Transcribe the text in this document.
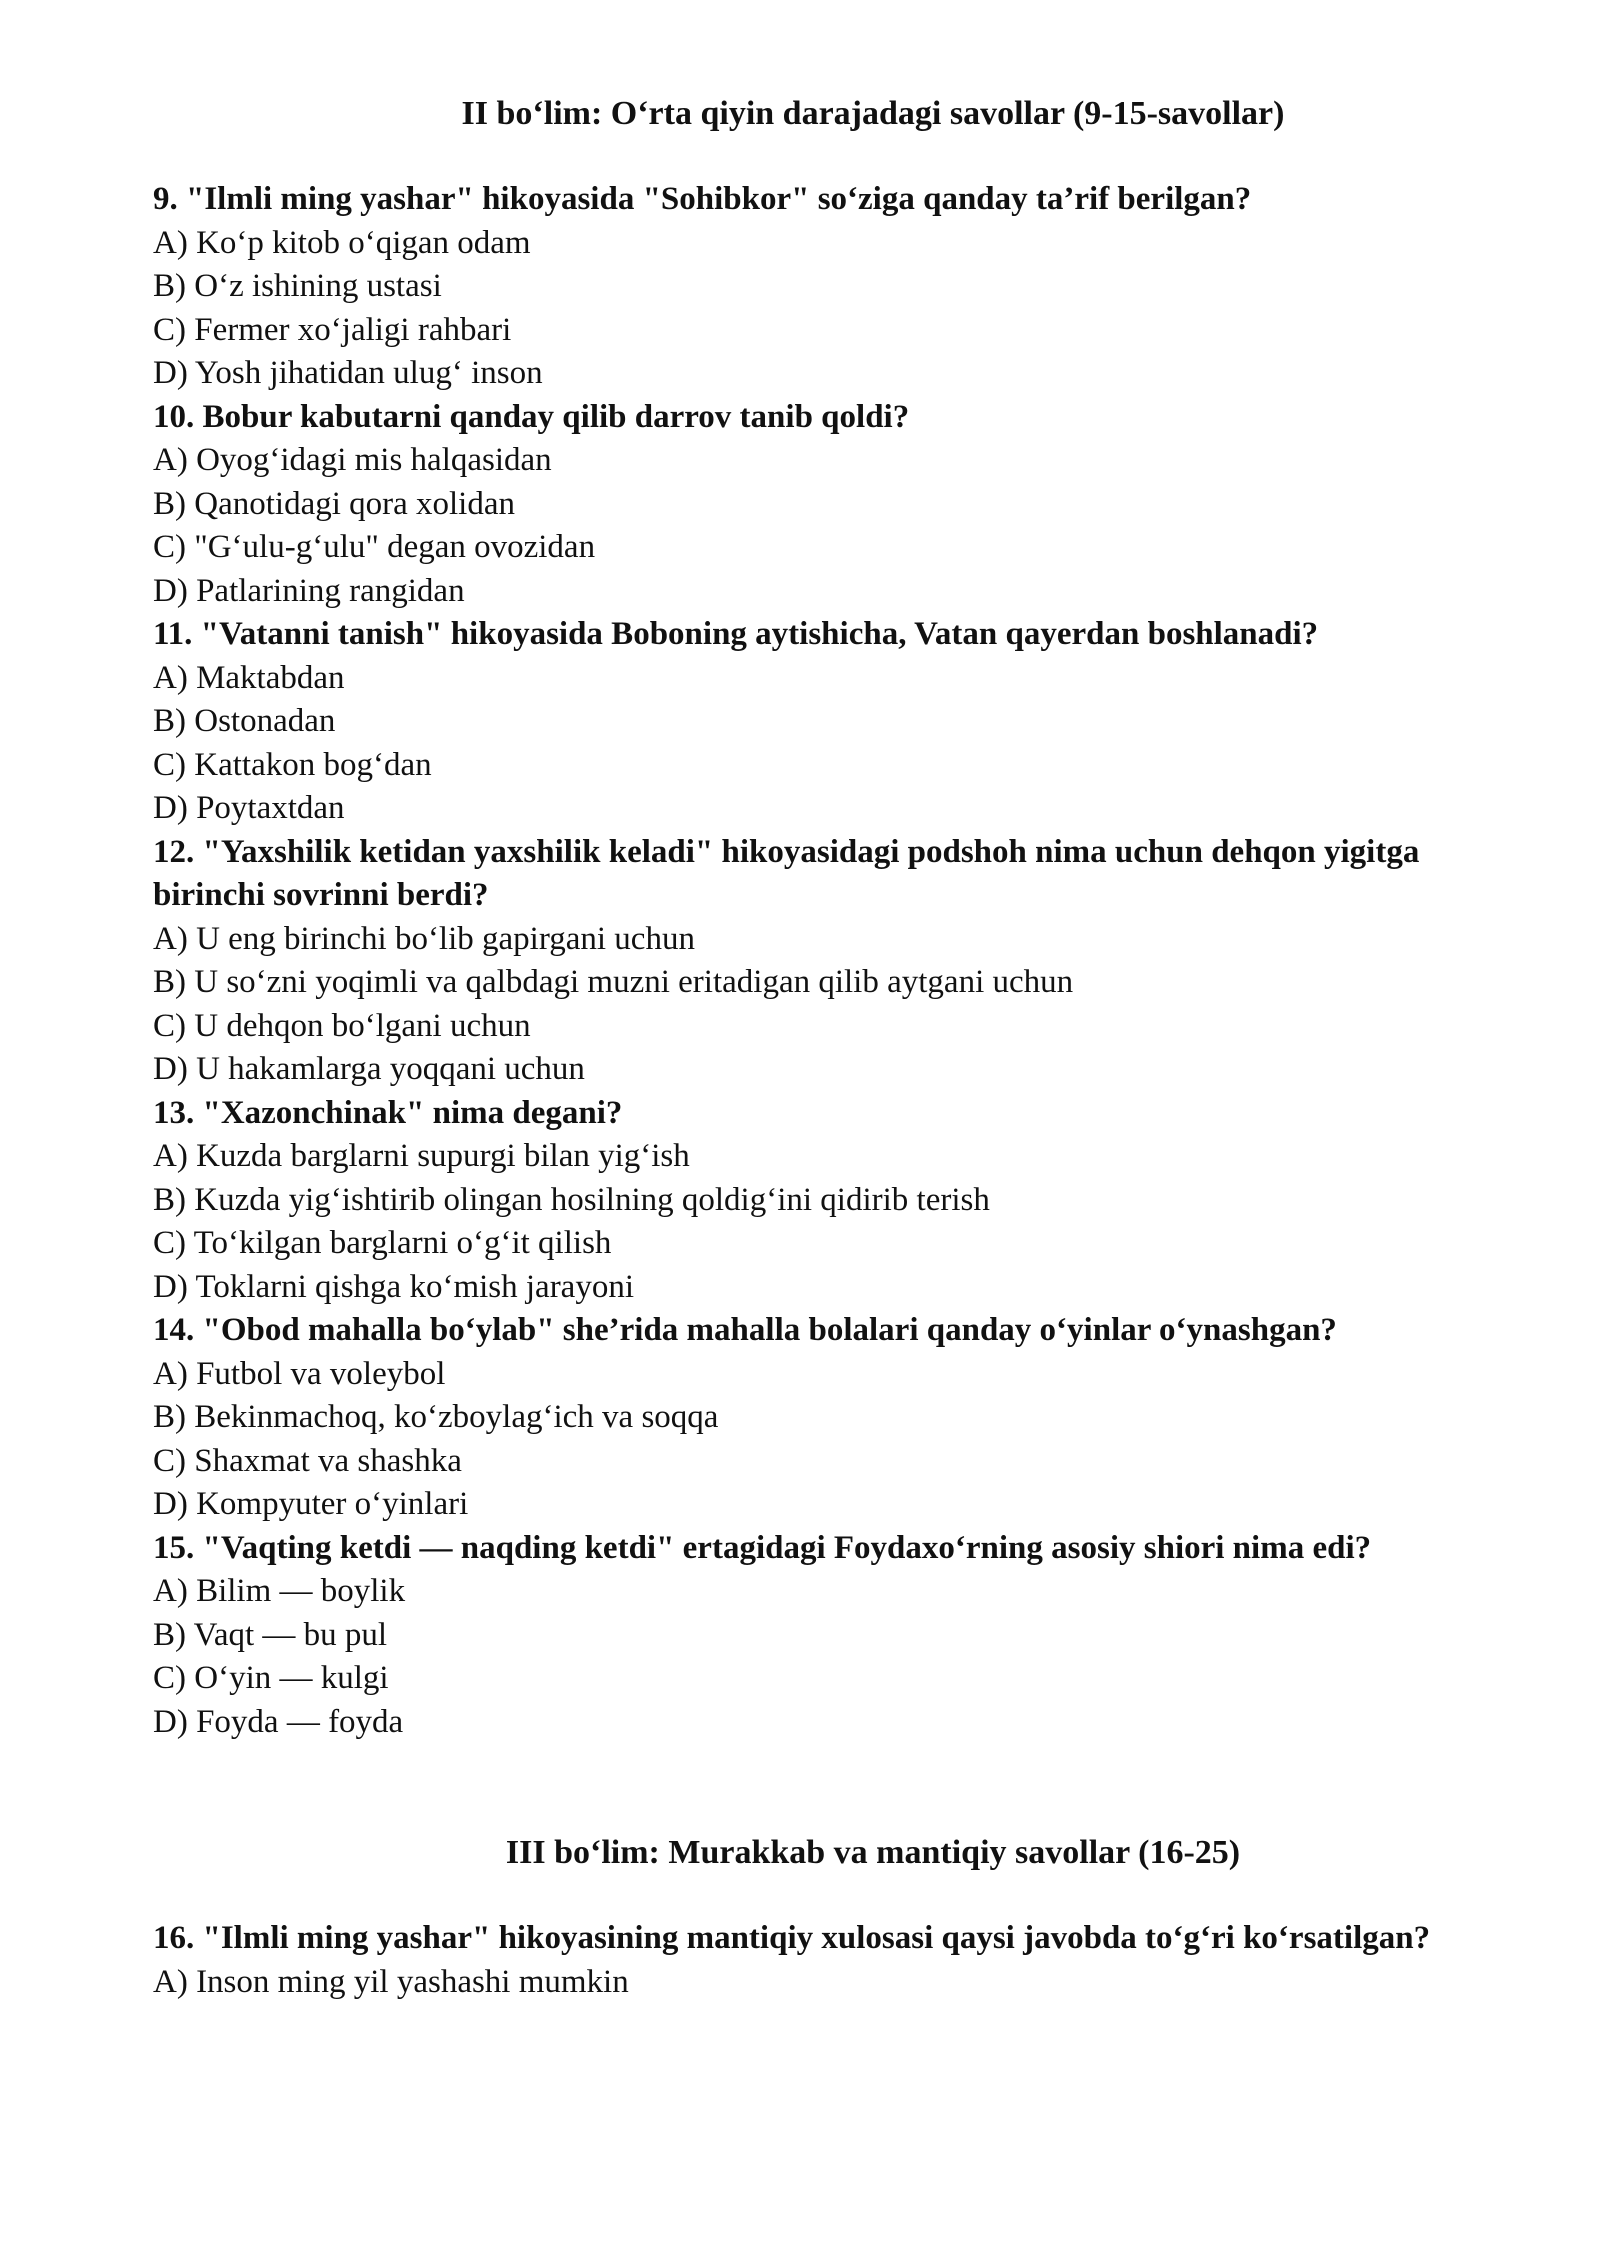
II bo‘lim: O‘rta qiyin darajadagi savollar (9-15-savollar)

9. "Ilmli ming yashar" hikoyasida "Sohibkor" so‘ziga qanday ta’rif berilgan?

A) Ko‘p kitob o‘qigan odam

B) O‘z ishining ustasi

C) Fermer xo‘jaligi rahbari

D) Yosh jihatidan ulug‘ inson

10. Bobur kabutarni qanday qilib darrov tanib qoldi?

A) Oyog‘idagi mis halqasidan

B) Qanotidagi qora xolidan

C) "G‘ulu-g‘ulu" degan ovozidan

D) Patlarining rangidan

11. "Vatanni tanish" hikoyasida Boboning aytishicha, Vatan qayerdan boshlanadi?

A) Maktabdan

B) Ostonadan

C) Kattakon bog‘dan

D) Poytaxtdan

12. "Yaxshilik ketidan yaxshilik keladi" hikoyasidagi podshoh nima uchun dehqon yigitga birinchi sovrinni berdi?

A) U eng birinchi bo‘lib gapirgani uchun

B) U so‘zni yoqimli va qalbdagi muzni eritadigan qilib aytgani uchun

C) U dehqon bo‘lgani uchun

D) U hakamlarga yoqqani uchun

13. "Xazonchinak" nima degani?

A) Kuzda barglarni supurgi bilan yig‘ish

B) Kuzda yig‘ishtirib olingan hosilning qoldig‘ini qidirib terish

C) To‘kilgan barglarni o‘g‘it qilish

D) Toklarni qishga ko‘mish jarayoni

14. "Obod mahalla bo‘ylab" she’rida mahalla bolalari qanday o‘yinlar o‘ynashgan?

A) Futbol va voleybol

B) Bekinmachoq, ko‘zboylag‘ich va soqqa

C) Shaxmat va shashka

D) Kompyuter o‘yinlari

15. "Vaqting ketdi — naqding ketdi" ertagidagi Foydaxo‘rning asosiy shiori nima edi?

A) Bilim — boylik

B) Vaqt — bu pul

C) O‘yin — kulgi

D) Foyda — foyda

III bo‘lim: Murakkab va mantiqiy savollar (16-25)

16. "Ilmli ming yashar" hikoyasining mantiqiy xulosasi qaysi javobda to‘g‘ri ko‘rsatilgan?

A) Inson ming yil yashashi mumkin
